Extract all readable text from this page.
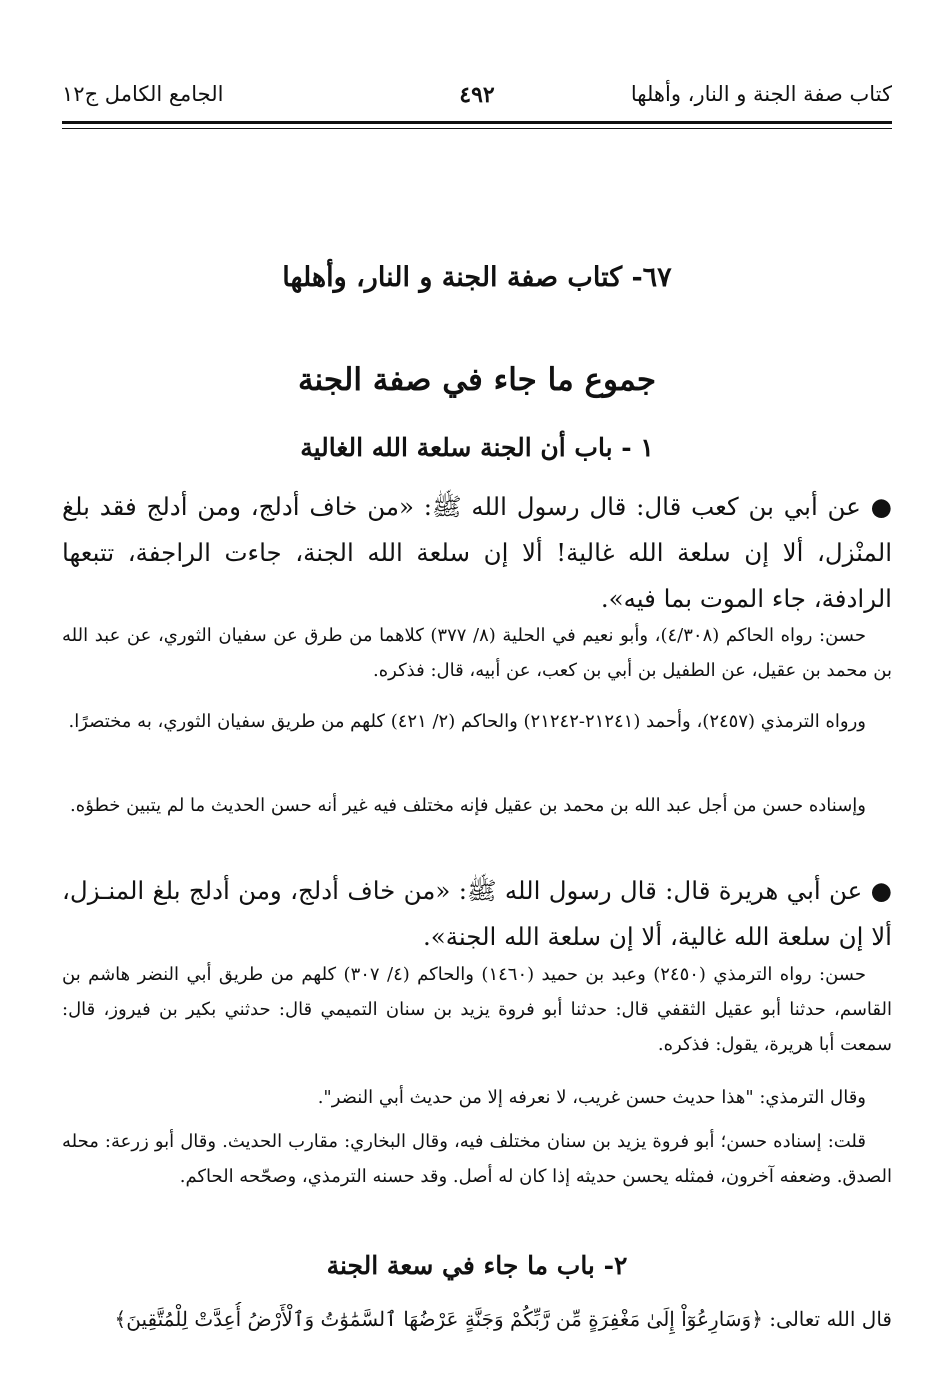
كتاب صفة الجنة و النار، وأهلها
٤٩٢
الجامع الكامل ج١٢
٦٧- كتاب صفة الجنة و النار، وأهلها
جموع ما جاء في صفة الجنة
١ - باب أن الجنة سلعة الله الغالية

● عن أبي بن كعب قال: قال رسول الله ﷺ: «من خاف أدلج، ومن أدلج فقد بلغ المنْزل، ألا إن سلعة الله غالية! ألا إن سلعة الله الجنة، جاءت الراجفة، تتبعها الرادفة، جاء الموت بما فيه».

حسن: رواه الحاكم (٤/٣٠٨)، وأبو نعيم في الحلية (٨/ ٣٧٧) كلاهما من طرق عن سفيان الثوري، عن عبد الله بن محمد بن عقيل، عن الطفيل بن أبي بن كعب، عن أبيه، قال: فذكره.

ورواه الترمذي (٢٤٥٧)، وأحمد (٢١٢٤١-٢١٢٤٢) والحاكم (٢/ ٤٢١) كلهم من طريق سفيان الثوري، به مختصرًا.

وإسناده حسن من أجل عبد الله بن محمد بن عقيل فإنه مختلف فيه غير أنه حسن الحديث ما لم يتبين خطؤه.

● عن أبي هريرة قال: قال رسول الله ﷺ: «من خاف أدلج، ومن أدلج بلغ المنـزل، ألا إن سلعة الله غالية، ألا إن سلعة الله الجنة».

حسن: رواه الترمذي (٢٤٥٠) وعبد بن حميد (١٤٦٠) والحاكم (٤/ ٣٠٧) كلهم من طريق أبي النضر هاشم بن القاسم، حدثنا أبو عقيل الثقفي قال: حدثنا أبو فروة يزيد بن سنان التميمي قال: حدثني بكير بن فيروز، قال: سمعت أبا هريرة، يقول: فذكره.

وقال الترمذي: "هذا حديث حسن غريب، لا نعرفه إلا من حديث أبي النضر".

قلت: إسناده حسن؛ أبو فروة يزيد بن سنان مختلف فيه، وقال البخاري: مقارب الحديث. وقال أبو زرعة: محله الصدق. وضعفه آخرون، فمثله يحسن حديثه إذا كان له أصل. وقد حسنه الترمذي، وصحّحه الحاكم.

٢- باب ما جاء في سعة الجنة
قال الله تعالى: ﴿وَسَارِعُوٓاْ إِلَىٰ مَغْفِرَةٍ مِّن رَّبِّكُمْ وَجَنَّةٍ عَرْضُهَا ٱلسَّمَٰوَٰتُ وَٱلْأَرْضُ أُعِدَّتْ لِلْمُتَّقِينَ﴾
